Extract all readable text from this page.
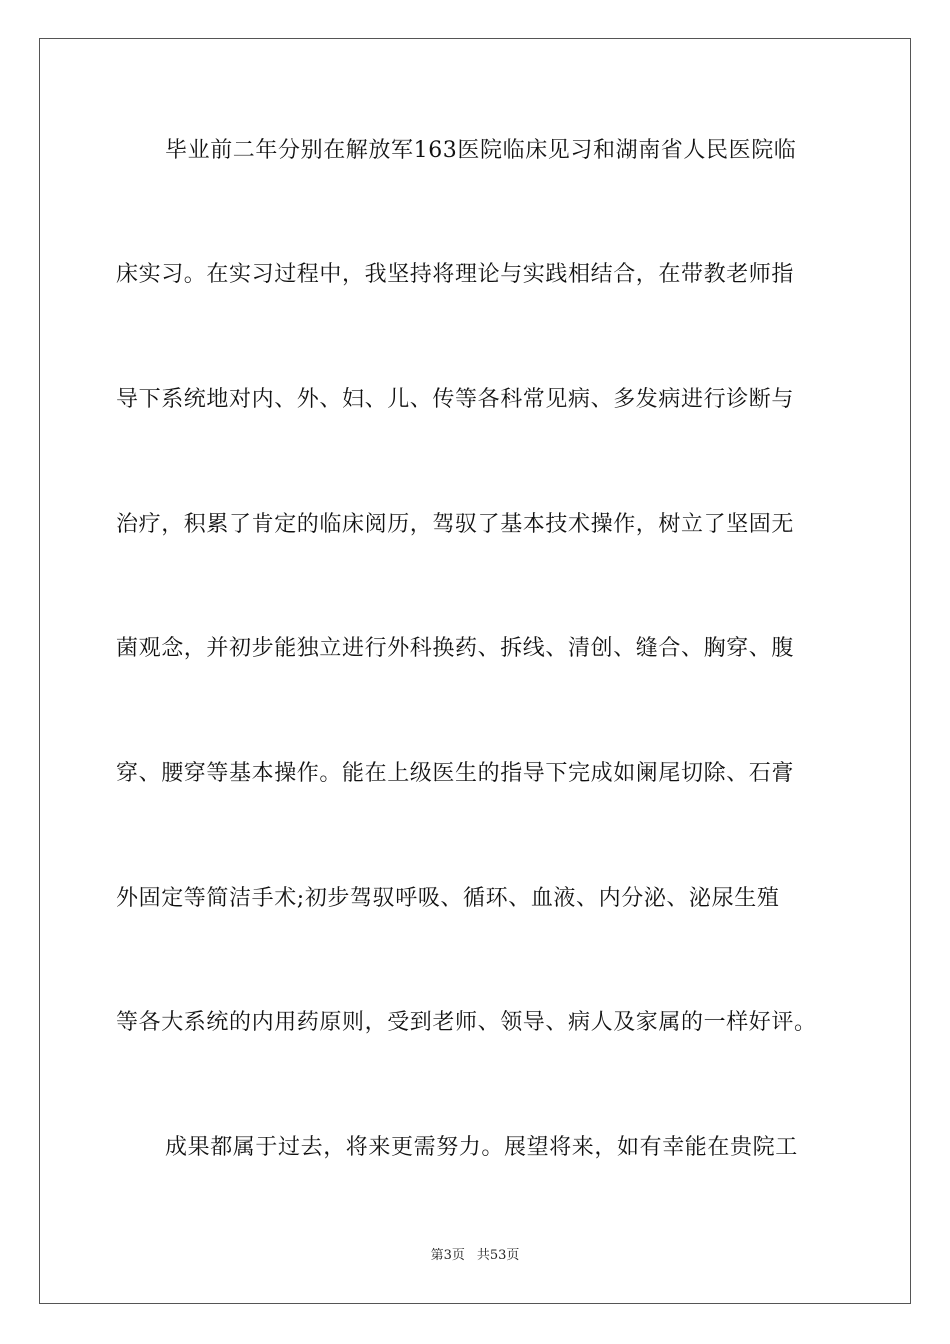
毕业前二年分别在解放军163医院临床见习和湖南省人民医院临
床实习。在实习过程中，我坚持将理论与实践相结合，在带教老师指
导下系统地对内、外、妇、儿、传等各科常见病、多发病进行诊断与
治疗，积累了肯定的临床阅历，驾驭了基本技术操作，树立了坚固无
菌观念，并初步能独立进行外科换药、拆线、清创、缝合、胸穿、腹
穿、腰穿等基本操作。能在上级医生的指导下完成如阑尾切除、石膏
外固定等简洁手术;初步驾驭呼吸、循环、血液、内分泌、泌尿生殖
等各大系统的内用药原则，受到老师、领导、病人及家属的一样好评。
成果都属于过去，将来更需努力。展望将来，如有幸能在贵院工
第3页 共53页
